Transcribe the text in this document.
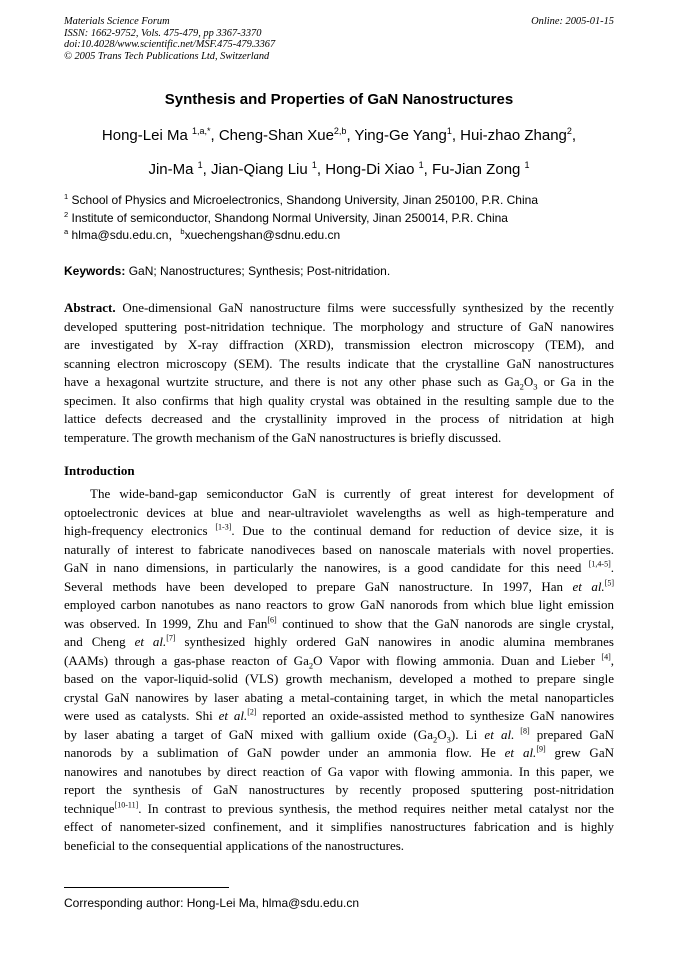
Materials Science Forum
ISSN: 1662-9752, Vols. 475-479, pp 3367-3370
doi:10.4028/www.scientific.net/MSF.475-479.3367
© 2005 Trans Tech Publications Ltd, Switzerland
Online: 2005-01-15
Synthesis and Properties of GaN Nanostructures
Hong-Lei Ma $^{1,a,*}$, Cheng-Shan Xue$^{2,b}$, Ying-Ge Yang$^1$, Hui-zhao Zhang$^2$,
Jin-Ma $^1$, Jian-Qiang Liu $^1$, Hong-Di Xiao $^1$, Fu-Jian Zong $^1$
$^1$ School of Physics and Microelectronics, Shandong University, Jinan 250100, P.R. China
$^2$ Institute of semiconductor, Shandong Normal University, Jinan 250014, P.R. China
$^a$ hlma@sdu.edu.cn，$^b$xuechengshan@sdnu.edu.cn
Keywords: GaN; Nanostructures; Synthesis; Post-nitridation.
Abstract. One-dimensional GaN nanostructure films were successfully synthesized by the recently
developed sputtering post-nitridation technique. The morphology and structure of GaN nanowires
are investigated by X-ray diffraction (XRD), transmission electron microscopy (TEM), and
scanning electron microscopy (SEM). The results indicate that the crystalline GaN nanostructures
have a hexagonal wurtzite structure, and there is not any other phase such as $Ga_2O_3$ or Ga in the
specimen. It also confirms that high quality crystal was obtained in the resulting sample due to the
lattice defects decreased and the crystallinity improved in the process of nitridation at high
temperature. The growth mechanism of the GaN nanostructures is briefly discussed.
Introduction
The wide-band-gap semiconductor GaN is currently of great interest for development of
optoelectronic devices at blue and near-ultraviolet wavelengths as well as high-temperature and
high-frequency electronics [1-3]. Due to the continual demand for reduction of device size, it is
naturally of interest to fabricate nanodiveces based on nanoscale materials with novel properties.
GaN in nano dimensions, in particularly the nanowires, is a good candidate for this need [1,4-5].
Several methods have been developed to prepare GaN nanostructure. In 1997, Han et al.[5]
employed carbon nanotubes as nano reactors to grow GaN nanorods from which blue light emission
was observed. In 1999, Zhu and Fan[6] continued to show that the GaN nanorods are single crystal,
and Cheng et al.[7] synthesized highly ordered GaN nanowires in anodic alumina membranes
(AAMs) through a gas-phase reacton of $Ga_2O$ Vapor with flowing ammonia. Duan and Lieber [4],
based on the vapor-liquid-solid (VLS) growth mechanism, developed a mothed to prepare single
crystal GaN nanowires by laser abating a metal-containing target, in which the metal nanoparticles
were used as catalysts. Shi et al.[2] reported an oxide-assisted method to synthesize GaN nanowires
by laser abating a target of GaN mixed with gallium oxide $(Ga_2O_3)$. Li et al. [8] prepared GaN
nanorods by a sublimation of GaN powder under an ammonia flow. He et al.[9] grew GaN
nanowires and nanotubes by direct reaction of Ga vapor with flowing ammonia. In this paper, we
report the synthesis of GaN nanostructures by recently proposed sputtering post-nitridation
technique[10-11]. In contrast to previous synthesis, the method requires neither metal catalyst nor the
effect of nanometer-sized confinement, and it simplifies nanostructures fabrication and is highly
beneficial to the consequential applications of the nanostructures.
Corresponding author: Hong-Lei Ma, hlma@sdu.edu.cn
